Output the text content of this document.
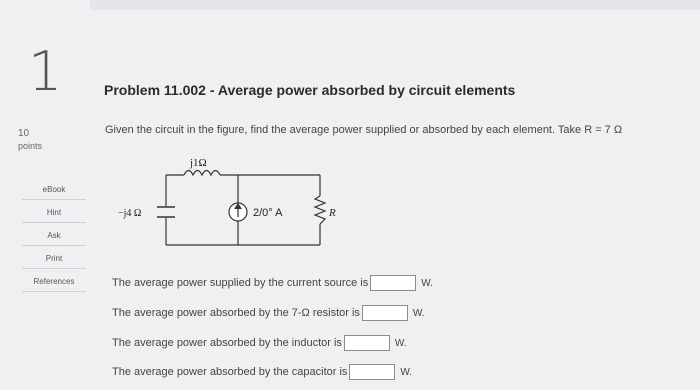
1
10
points
eBook
Hint
Ask
Print
References
Problem 11.002 - Average power absorbed by circuit elements
Given the circuit in the figure, find the average power supplied or absorbed by each element. Take R = 7 Ω
j1Ω
−j4 Ω	2/0° A	R
The average power supplied by the current source is	W.
The average power absorbed by the 7-Ω resistor is	W.
The average power absorbed by the inductor is	W.
The average power absorbed by the capacitor is	W.
